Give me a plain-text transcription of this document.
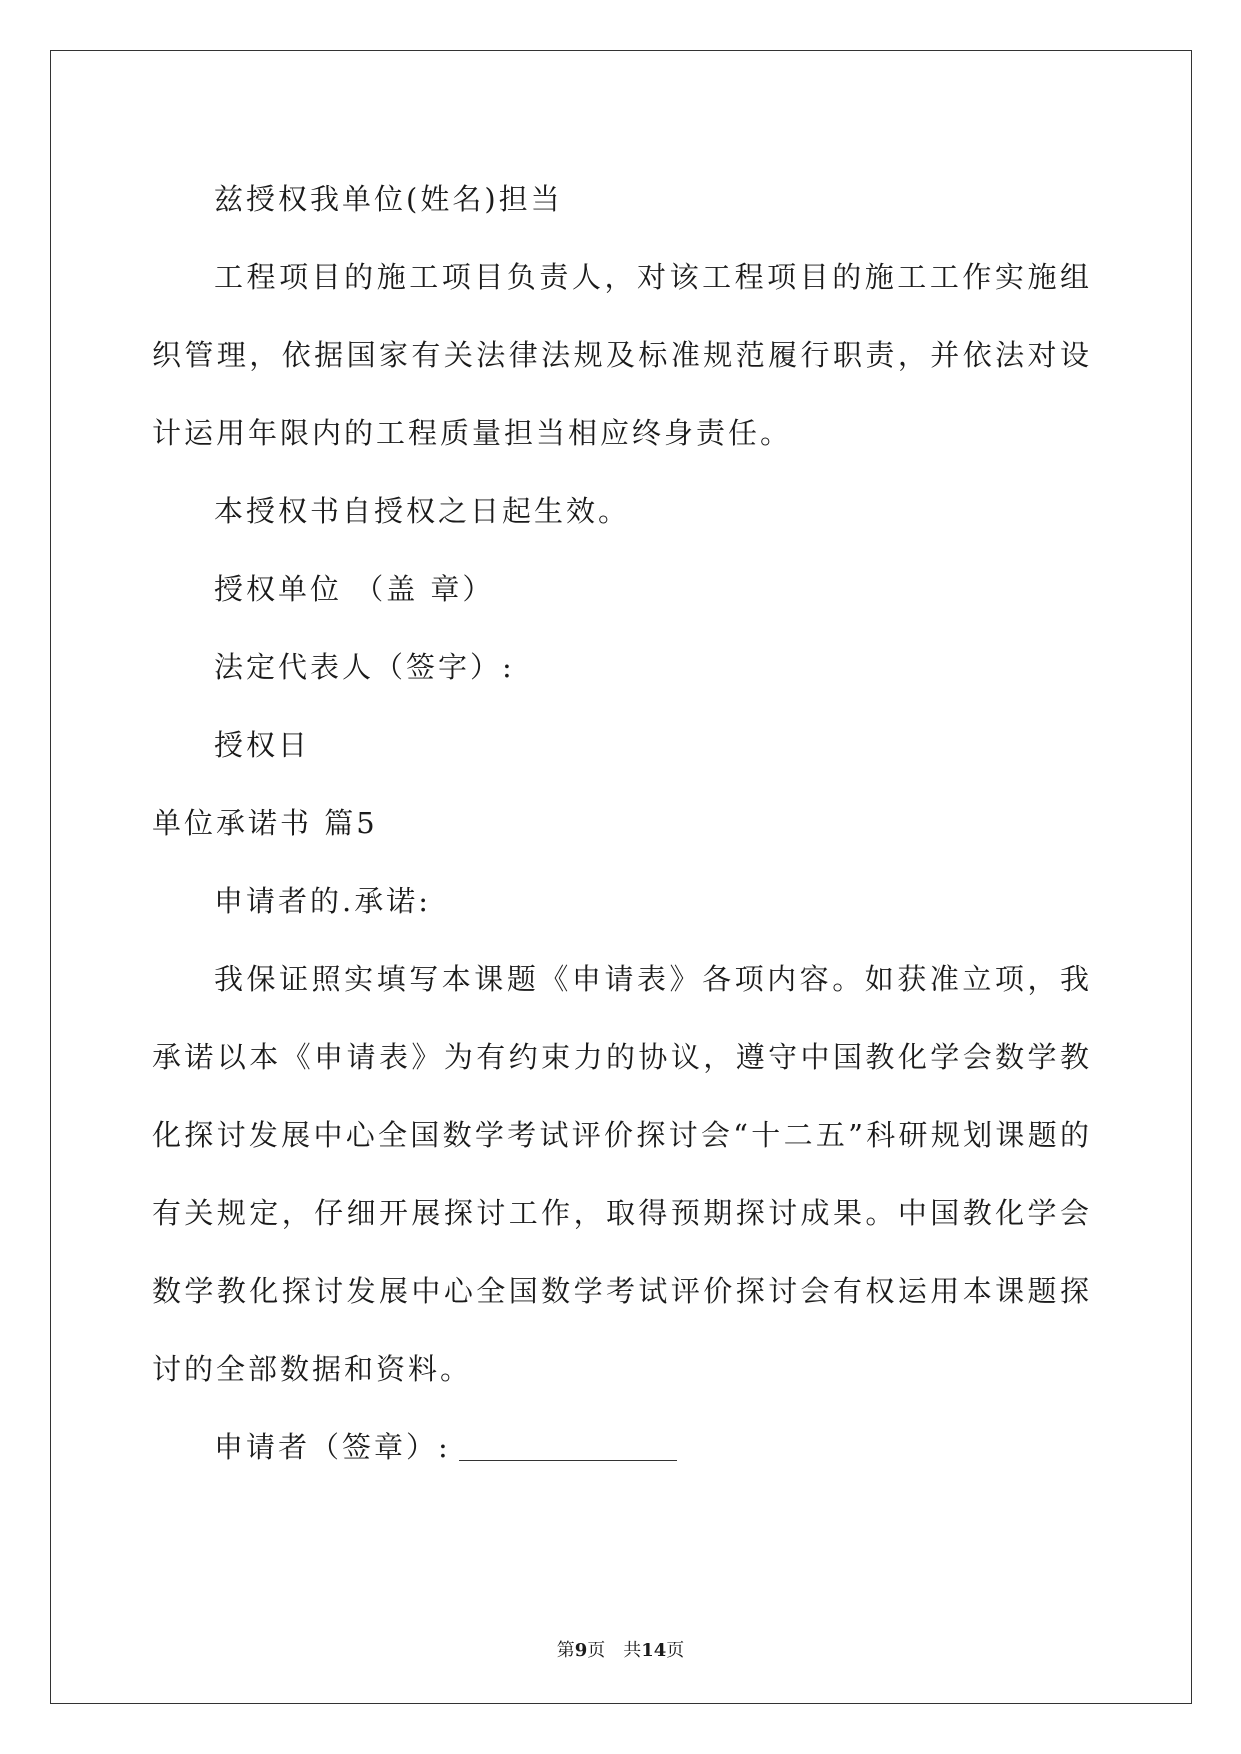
兹授权我单位(姓名)担当

工程项目的施工项目负责人，对该工程项目的施工工作实施组织管理，依据国家有关法律法规及标准规范履行职责，并依法对设计运用年限内的工程质量担当相应终身责任。

本授权书自授权之日起生效。

授权单位 （盖 章）

法定代表人（签字）:

授权日

单位承诺书 篇5

申请者的.承诺:

我保证照实填写本课题《申请表》各项内容。如获准立项，我承诺以本《申请表》为有约束力的协议，遵守中国教化学会数学教化探讨发展中心全国数学考试评价探讨会“十二五”科研规划课题的有关规定，仔细开展探讨工作，取得预期探讨成果。中国教化学会数学教化探讨发展中心全国数学考试评价探讨会有权运用本课题探讨的全部数据和资料。

申请者（签章）:

第9页　共14页
